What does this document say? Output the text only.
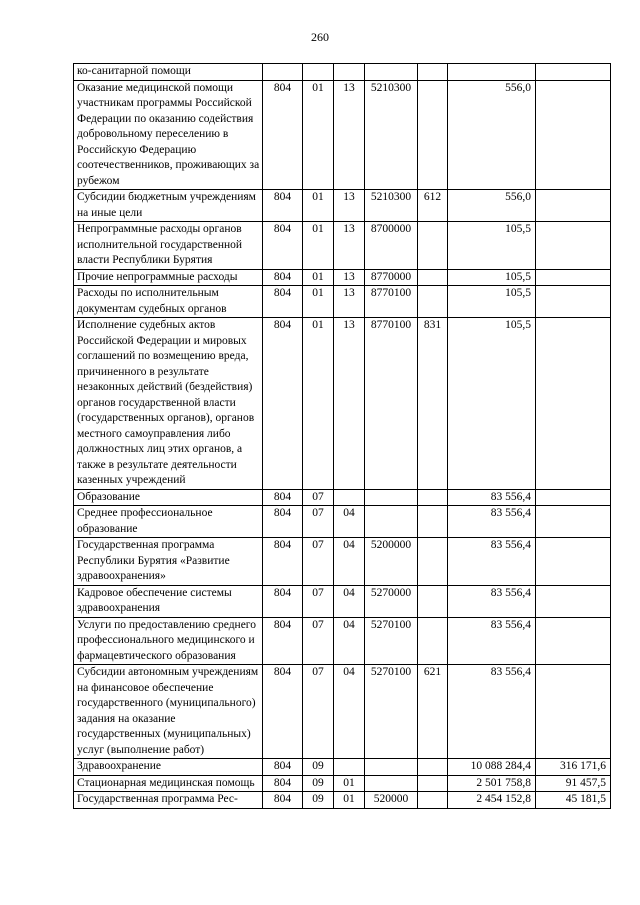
260
ко-санитарной помощи							
Оказание медицинской помощи участникам программы Российской Федерации по оказанию содействия добровольному переселению в Российскую Федерацию соотечественников, проживающих за рубежом	804	01	13	5210300		556,0	
Субсидии бюджетным учреждениям на иные цели	804	01	13	5210300	612	556,0	
Непрограммные расходы органов исполнительной государственной власти Республики Бурятия	804	01	13	8700000		105,5	
Прочие непрограммные расходы	804	01	13	8770000		105,5	
Расходы по исполнительным документам судебных органов	804	01	13	8770100		105,5	
Исполнение судебных актов Российской Федерации и мировых соглашений по возмещению вреда, причиненного в результате незаконных действий (бездействия) органов государственной власти (государственных органов), органов местного самоуправления либо должностных лиц этих органов, а также в результате деятельности казенных учреждений	804	01	13	8770100	831	105,5	
Образование	804	07				83 556,4	
Среднее профессиональное образование	804	07	04			83 556,4	
Государственная программа Республики Бурятия «Развитие здравоохранения»	804	07	04	5200000		83 556,4	
Кадровое обеспечение системы здравоохранения	804	07	04	5270000		83 556,4	
Услуги по предоставлению среднего профессионального медицинского и фармацевтического образования	804	07	04	5270100		83 556,4	
Субсидии автономным учреждениям на финансовое обеспечение государственного (муниципального) задания на оказание государственных (муниципальных) услуг (выполнение работ)	804	07	04	5270100	621	83 556,4	
Здравоохранение	804	09				10 088 284,4	316 171,6
Стационарная медицинская помощь	804	09	01			2 501 758,8	91 457,5
Государственная программа Рес-	804	09	01	520000		2 454 152,8	45 181,5
